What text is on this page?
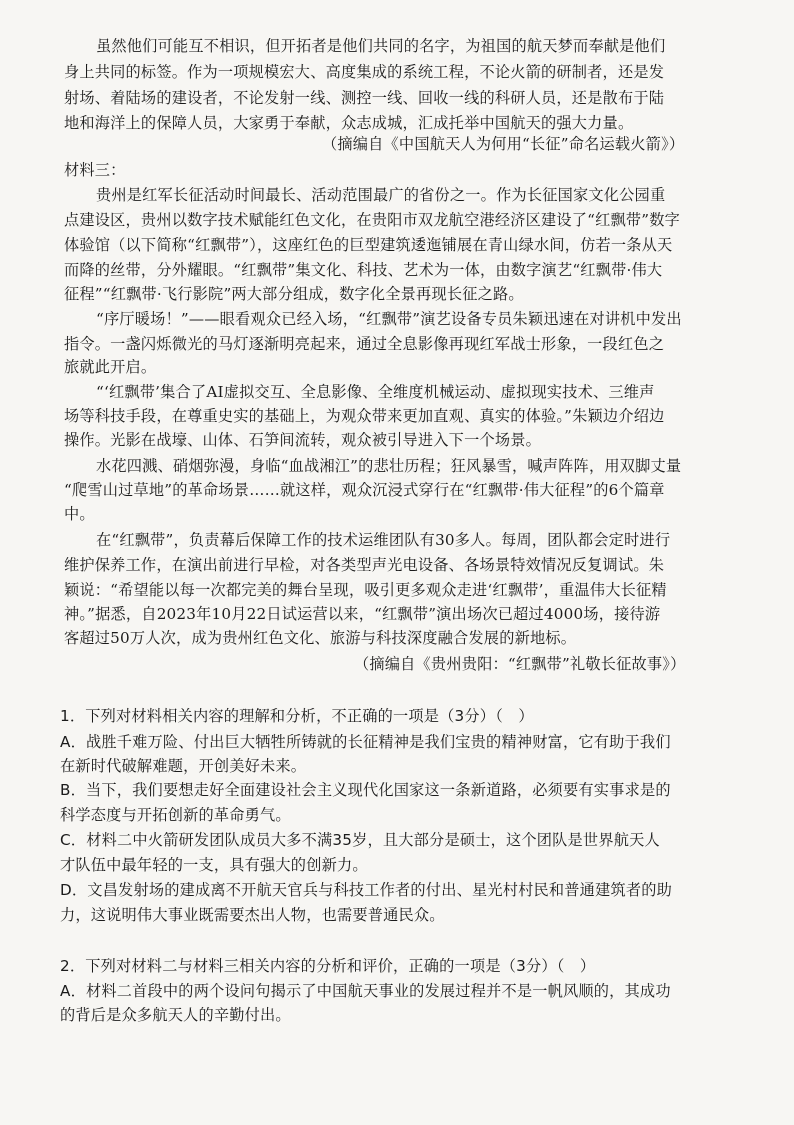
虽然他们可能互不相识，但开拓者是他们共同的名字，为祖国的航天梦而奉献是他们
身上共同的标签。作为一项规模宏大、高度集成的系统工程，不论火箭的研制者，还是发
射场、着陆场的建设者，不论发射一线、测控一线、回收一线的科研人员，还是散布于陆
地和海洋上的保障人员，大家勇于奉献，众志成城，汇成托举中国航天的强大力量。
（摘编自《中国航天人为何用“长征”命名运载火箭》）
材料三：
贵州是红军长征活动时间最长、活动范围最广的省份之一。作为长征国家文化公园重
点建设区，贵州以数字技术赋能红色文化，在贵阳市双龙航空港经济区建设了“红飘带”数字
体验馆（以下简称“红飘带”），这座红色的巨型建筑逶迤铺展在青山绿水间，仿若一条从天
而降的丝带，分外耀眼。“红飘带”集文化、科技、艺术为一体，由数字演艺“红飘带·伟大
征程”“红飘带·飞行影院”两大部分组成，数字化全景再现长征之路。
“序厅暖场！”——眼看观众已经入场，“红飘带”演艺设备专员朱颖迅速在对讲机中发出
指令。一盏闪烁微光的马灯逐渐明亮起来，通过全息影像再现红军战士形象，一段红色之
旅就此开启。
“‘红飘带’集合了AI虚拟交互、全息影像、全维度机械运动、虚拟现实技术、三维声
场等科技手段，在尊重史实的基础上，为观众带来更加直观、真实的体验。”朱颖边介绍边
操作。光影在战壕、山体、石笋间流转，观众被引导进入下一个场景。
水花四溅、硝烟弥漫，身临“血战湘江”的悲壮历程；狂风暴雪，喊声阵阵，用双脚丈量
“爬雪山过草地”的革命场景……就这样，观众沉浸式穿行在“红飘带·伟大征程”的6个篇章
中。
在“红飘带”，负责幕后保障工作的技术运维团队有30多人。每周，团队都会定时进行
维护保养工作，在演出前进行早检，对各类型声光电设备、各场景特效情况反复调试。朱
颖说：“希望能以每一次都完美的舞台呈现，吸引更多观众走进‘红飘带’，重温伟大长征精
神。”据悉，自2023年10月22日试运营以来，“红飘带”演出场次已超过4000场，接待游
客超过50万人次，成为贵州红色文化、旅游与科技深度融合发展的新地标。
（摘编自《贵州贵阳：“红飘带”礼敬长征故事》）
1．下列对材料相关内容的理解和分析，不正确的一项是（3分）（　）
A．战胜千难万险、付出巨大牺牲所铸就的长征精神是我们宝贵的精神财富，它有助于我们
在新时代破解难题，开创美好未来。
B．当下，我们要想走好全面建设社会主义现代化国家这一条新道路，必须要有实事求是的
科学态度与开拓创新的革命勇气。
C．材料二中火箭研发团队成员大多不满35岁，且大部分是硕士，这个团队是世界航天人
才队伍中最年轻的一支，具有强大的创新力。
D．文昌发射场的建成离不开航天官兵与科技工作者的付出、星光村村民和普通建筑者的助
力，这说明伟大事业既需要杰出人物，也需要普通民众。
2．下列对材料二与材料三相关内容的分析和评价，正确的一项是（3分）（　）
A．材料二首段中的两个设问句揭示了中国航天事业的发展过程并不是一帆风顺的，其成功
的背后是众多航天人的辛勤付出。
